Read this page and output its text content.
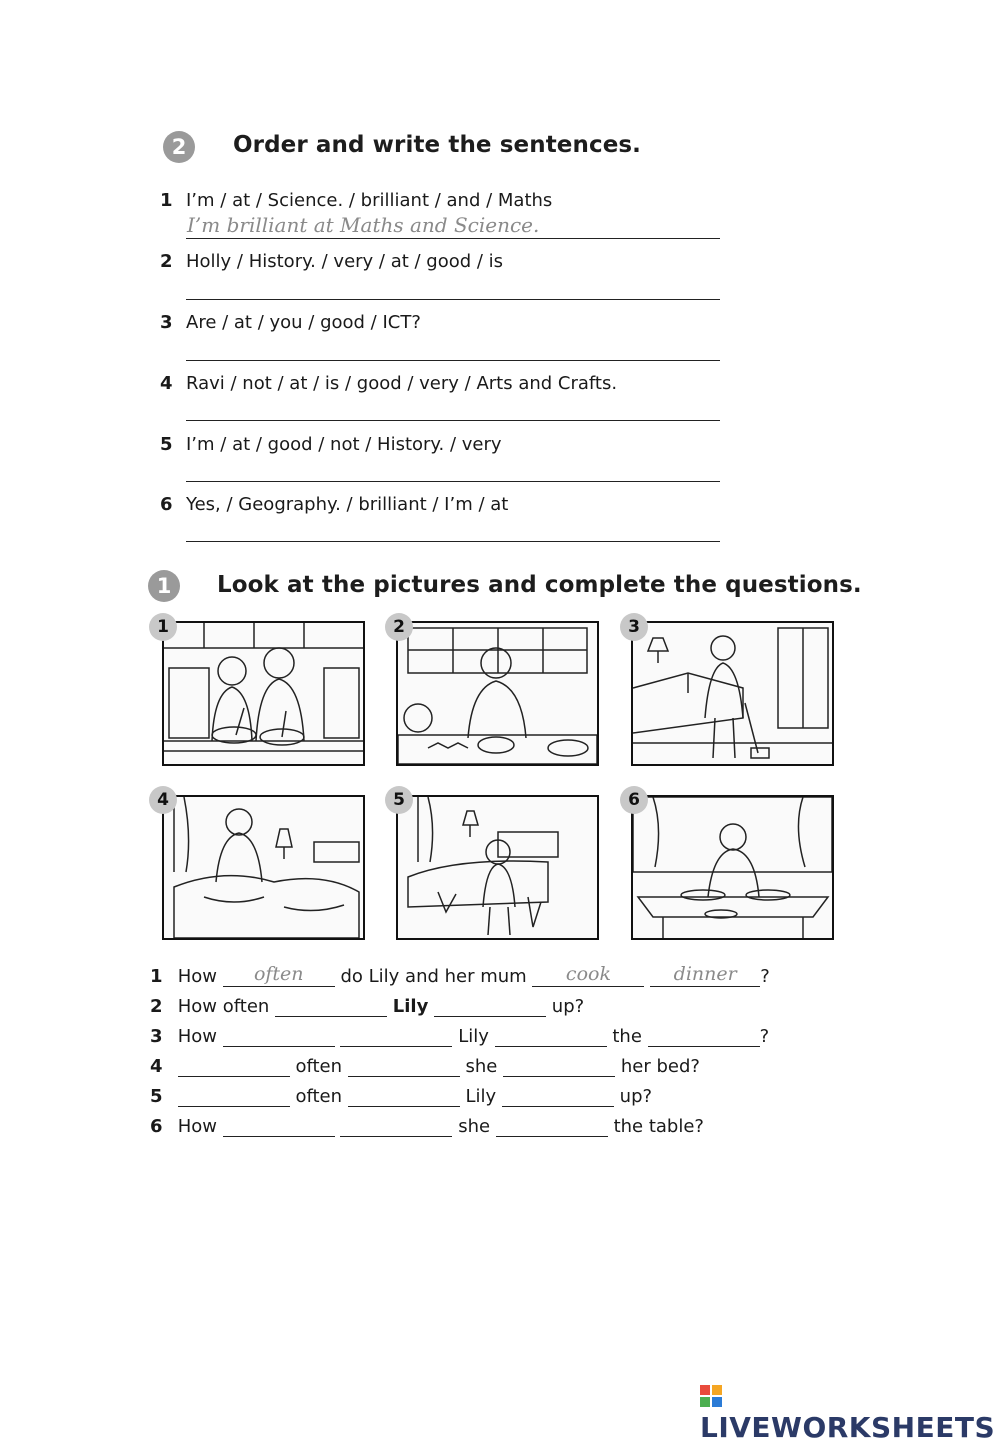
2	Order and write the sentences.
1 I’m / at / Science. / brilliant / and / Maths
I’m brilliant at Maths and Science.
2 Holly / History. / very / at / good / is
3 Are / at / you / good / ICT?
4 Ravi / not / at / is / good / very / Arts and Crafts.
5 I’m / at / good / not / History. / very
6 Yes, / Geography. / brilliant / I’m / at
1	Look at the pictures and complete the questions.
1	2	3
4	5	6
1 How	often	do Lily and her mum	cook
	dinner	?
2 How often	Lily	up?
3 How	Lily	the	?
4	often	she	her bed?
5	often	Lily	up?
6 How	she	the table?
LIVEWORKSHEETS
